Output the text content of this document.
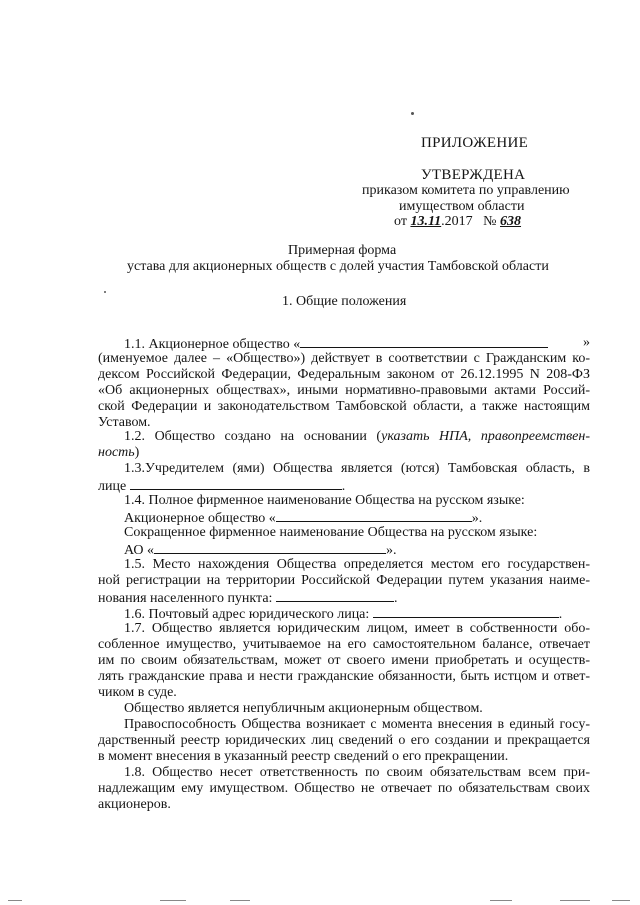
ПРИЛОЖЕНИЕ
УТВЕРЖДЕНА
приказом комитета по управлению
имуществом области
от 13.11.2017 № 638
Примерная форма
устава для акционерных обществ с долей участия Тамбовской области
1. Общие положения
1.1. Акционерное общество «	»
(именуемое далее – «Общество») действует в соответствии с Гражданским ко-
дексом Российской Федерации, Федеральным законом от 26.12.1995 N 208-ФЗ
«Об акционерных обществах», иными нормативно-правовыми актами Россий-
ской Федерации и законодательством Тамбовской области, а также настоящим
Уставом.
1.2. Общество создано на основании (указать НПА, правопреемствен-
ность)
1.3.Учредителем (ями) Общества является (ются) Тамбовская область, в
лице	.
1.4. Полное фирменное наименование Общества на русском языке:
Акционерное общество «	».
Сокращенное фирменное наименование Общества на русском языке:
АО «	».
1.5. Место нахождения Общества определяется местом его государствен-
ной регистрации на территории Российской Федерации путем указания наиме-
нования населенного пункта:	.
1.6. Почтовый адрес юридического лица:	.
1.7. Общество является юридическим лицом, имеет в собственности обо-
собленное имущество, учитываемое на его самостоятельном балансе, отвечает
им по своим обязательствам, может от своего имени приобретать и осуществ-
лять гражданские права и нести гражданские обязанности, быть истцом и ответ-
чиком в суде.
Общество является непубличным акционерным обществом.
Правоспособность Общества возникает с момента внесения в единый госу-
дарственный реестр юридических лиц сведений о его создании и прекращается
в момент внесения в указанный реестр сведений о его прекращении.
1.8. Общество несет ответственность по своим обязательствам всем при-
надлежащим ему имуществом. Общество не отвечает по обязательствам своих
акционеров.
